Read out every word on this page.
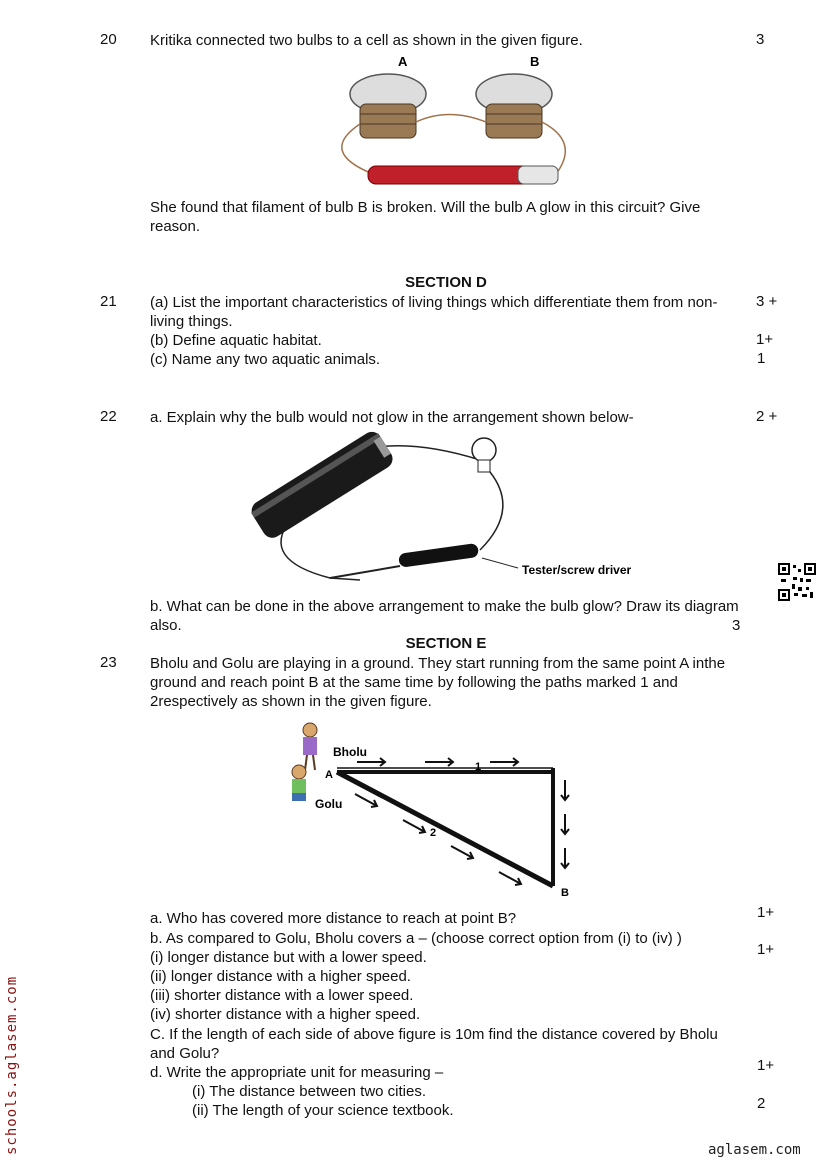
20 Kritika connected two bulbs to a cell as shown in the given figure.	3
A	B
She found that filament of bulb B is broken. Will the bulb A glow in this circuit? Give reason.
SECTION D
21 (a) List the important characteristics of living things which differentiate them from non-living things.
3 +
(b) Define aquatic habitat.	1+
(c) Name any two aquatic animals.	1
22 a. Explain why the bulb would not glow in the arrangement shown below-	2 +
Tester/screw driver
b. What can be done in the above arrangement to make the bulb glow? Draw its diagram also.	3
SECTION E
23 Bholu and Golu are playing in a ground. They start running from the same point A inthe ground and reach point B at the same time by following the paths marked 1 and 2respectively as shown in the given figure.
Bholu
Golu
A
B
1
2
a. Who has covered more distance to reach at point B?	1+
b. As compared to Golu, Bholu covers a – (choose correct option from (i) to (iv) )
1+
(i) longer distance but with a lower speed.
(ii) longer distance with a higher speed.
(iii) shorter distance with a lower speed.
(iv) shorter distance with a higher speed.
C. If the length of each side of above figure is 10m find the distance covered by Bholu and Golu?
d. Write the appropriate unit for measuring –	1+
(i) The distance between two cities.
(ii) The length of your science textbook.	2
schools.aglasem.com	aglasem.com
